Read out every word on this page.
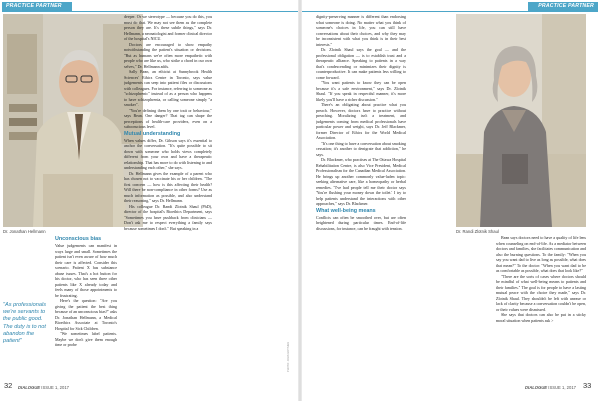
PRACTICE PARTNER
Dr. Jonathan Hellmann
Unconscious bias

Value judgements can manifest in ways large and small. Sometimes the patient isn't even aware of how much their care is affected. Consider this scenario. Patient X has substance abuse issues. That's a hot button for his doctor, who has seen three other patients like X already today and feels many of those appointments to be frustrating.

Here's the question: "Are you giving the patient the best thing because of an unconscious bias?" asks Dr. Jonathan Hellmann, a Medical Bioethics Associate at Toronto's Hospital for Sick Children.

"We sometimes label patients. Maybe we don't give them enough time or probe

"As professionals we're servants to the public good. The duty is to not abandon the patient"

deeper. Or we stereotype — because you do this, you must do that. We may not see them as the complete person they are. It's these subtle things," says Dr. Hellmann, a neonatologist and former clinical director of the hospital's NICU.

Doctors are encouraged to show empathy notwithstanding the patient's situation or decisions. "But as humans we're often more empathetic with people who are like us, who strike a chord in our own selves," Dr. Hellmann adds.

Sally Bean, an ethicist at Sunnybrook Health Sciences' Ethics Centre in Toronto, says value judgements can seep into patient files or discussions with colleagues. For instance, referring to someone as "schizophrenic" instead of as a person who happens to have schizophrenia, or calling someone simply "a smoker".

"You're defining them by one trait or behaviour," says Bean. One danger? That tag can shape the perceptions of health-care providers, even on a subconscious level.

Mutual understanding

When values differ, Dr. Gibson says it's essential to anchor the conversation. "It's quite possible to sit down with someone who holds views completely different from your own and have a therapeutic relationship. That has more to do with listening to and understanding each other," she says.

Dr. Hellmann gives the example of a parent who has chosen not to vaccinate his or her children. "The first concern — how is this affecting their health? Will there be non-compliance in other forms? Use as much information as possible, and also understand their reasoning," says Dr. Hellmann.

His colleague Dr. Randi Zlotnik Shaul (PhD), director of the hospital's Bioethics Department, says "Sometimes you have pushback from clinicians — Don't ask me to respect everything a family says because sometimes I don't." But speaking in a

PHOTO: JOHN HRYNIUK
32 DIALOGUE ISSUE 1, 2017
PRACTICE PARTNER

dignity-preserving manner is different than endorsing what someone is doing. No matter what you think of someone's choices in life, you can still have conversations about their choices, and why they may be inconsistent with what you think is in their best interests."

Dr. Zlotnik Shaul says the goal — and the professional obligation — is to establish trust and a therapeutic alliance. Speaking to patients in a way that's condescending or minimizes their dignity is counterproductive. It can make patients less willing to come forward.

"You want patients to know they can be open because it's a safe environment," says Dr. Zlotnik Shaul. "If you speak in respectful manner, it's more likely you'll have a richer discussion."

There's an obligating about practice what you preach. However, doctors have to practice without preaching. Moralizing isn't a treatment, and judgements coming from medical professionals have particular power and weight, says Dr. Jeff Blackmer, former Director of Ethics for the World Medical Association.

"It's one thing to have a conversation about smoking cessation; it's another to denigrate that addiction," he says.

Dr. Blackmer, who practises at The Ottawa Hospital Rehabilitation Centre, is also Vice President, Medical Professionalism for the Canadian Medical Association. He brings up another commonly value-laden topic: seeking alternative care, like a homeopathy or herbal remedies. "I've had people tell me their doctor says 'You're flushing your money down the toilet.' I try to help patients understand the interactions with other approaches," says Dr. Blackmer.

What well-being means

Conflicts can often be smoothed over, but are often heightened during particular times. End-of-life discussions, for instance, can be fraught with tension.

Dr. Randi Zlotnik Shaul

Bean says doctors need to have a quality of life lens when counseling on end-of-life. As a mediator between doctors and families, she facilitates communication and also the burning questions. To the family: "When you say you want dad to live as long as possible, what does that mean?" To the doctor: "When you want dad to be as comfortable as possible, what does that look like?"

"There are the sorts of cases where doctors should be mindful of what well-being means to patients and their families." The goal is for people to have a lasting mutual peace with the choice they made," says Dr. Zlotnik Shaul. They shouldn't be left with unease or lack of clarity because a conversation couldn't be open, or their values were dismissed.

She says that doctors can also be put in a sticky moral situation when patients ask >

DIALOGUE ISSUE 1, 2017 33
